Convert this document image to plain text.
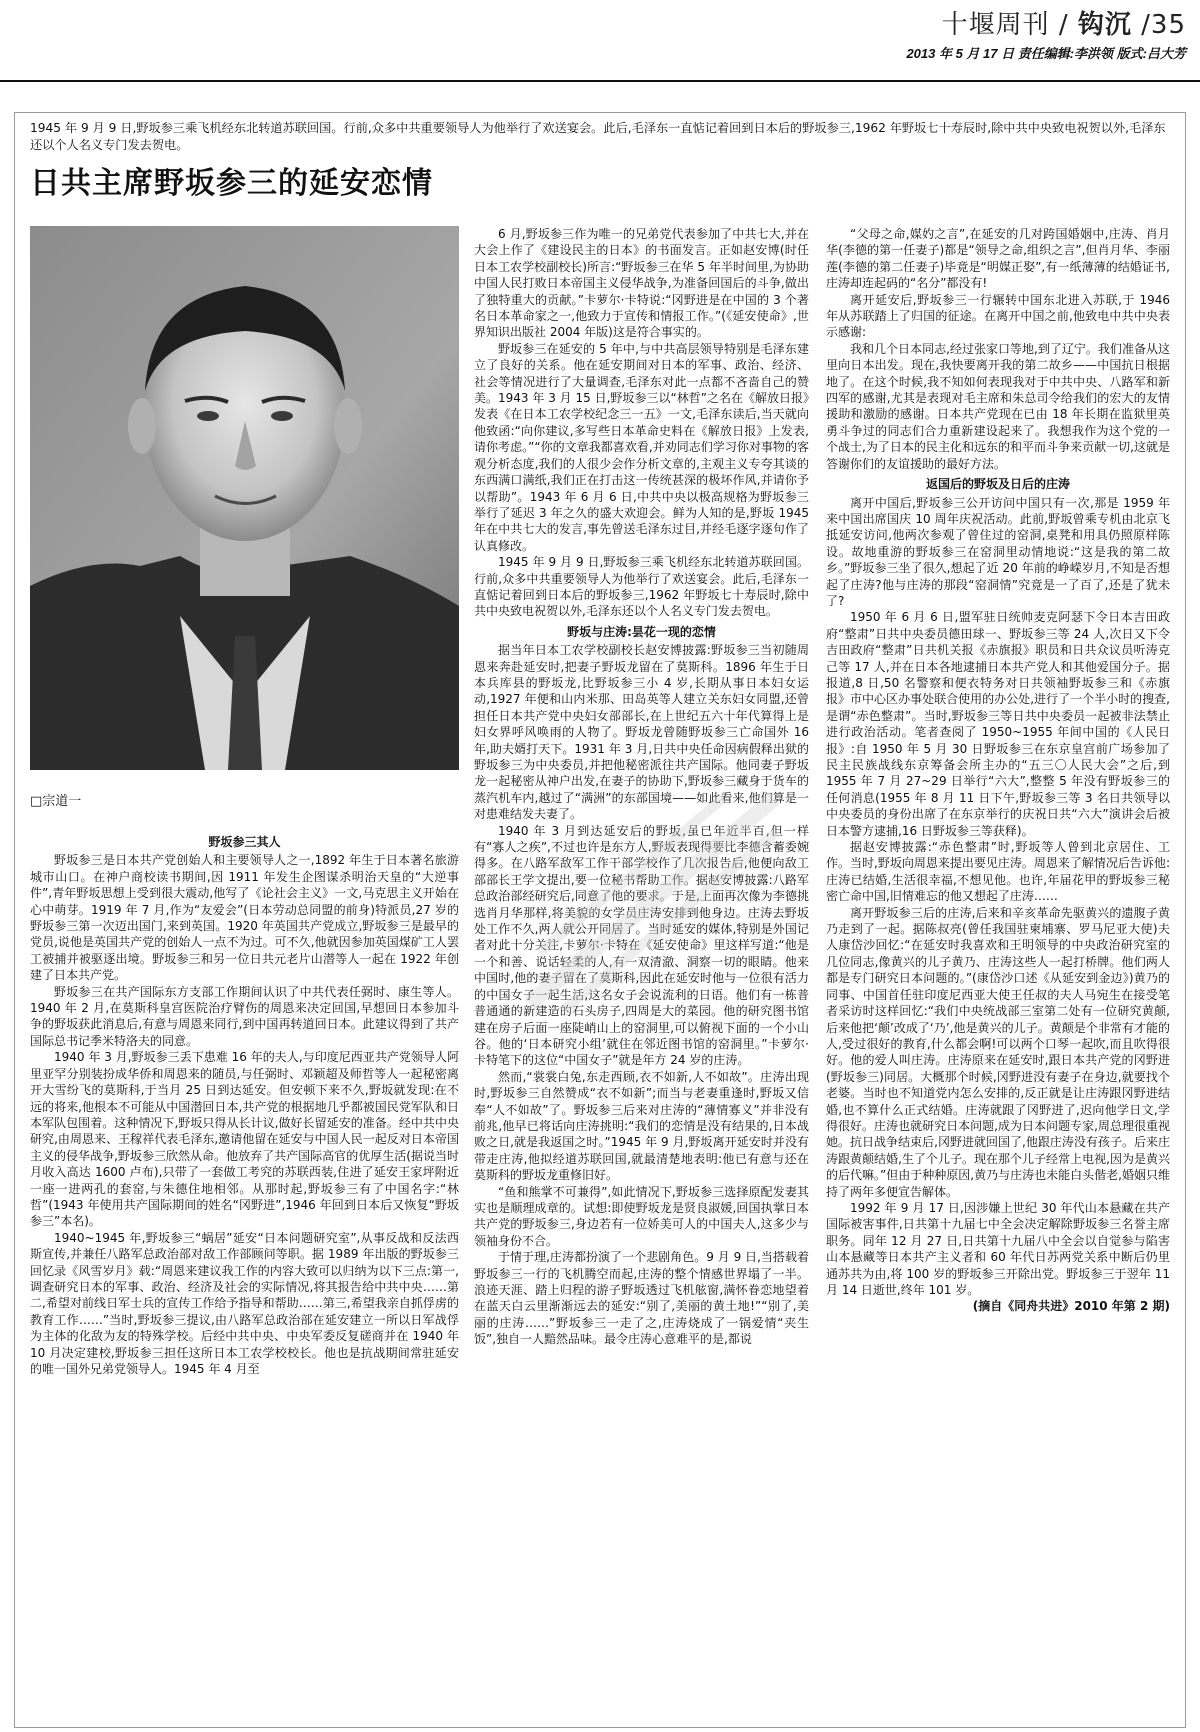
十堰周刊 / 钩沉 /35
2013 年 5 月 17 日 责任编辑:李洪领 版式:吕大芳
1945 年 9 月 9 日,野坂参三乘飞机经东北转道苏联回国。行前,众多中共重要领导人为他举行了欢送宴会。此后,毛泽东一直惦记着回到日本后的野坂参三,1962 年野坂七十寿辰时,除中共中央致电祝贺以外,毛泽东还以个人名义专门发去贺电。
日共主席野坂参三的延安恋情
□宗道一

野坂参三其人

野坂参三是日本共产党创始人和主要领导人之一,1892 年生于日本著名旅游城市山口。在神户商校读书期间,因 1911 年发生企图谋杀明治天皇的“大逆事件”,青年野坂思想上受到很大震动,他写了《论社会主义》一文,马克思主义开始在心中萌芽。1919 年 7 月,作为“友爱会”(日本劳动总同盟的前身)特派员,27 岁的野坂参三第一次迈出国门,来到英国。1920 年英国共产党成立,野坂参三是最早的党员,说他是英国共产党的创始人一点不为过。可不久,他就因参加英国煤矿工人罢工被捕并被驱逐出境。野坂参三和另一位日共元老片山潜等人一起在 1922 年创建了日本共产党。

野坂参三在共产国际东方支部工作期间认识了中共代表任弼时、康生等人。1940 年 2 月,在莫斯科皇宫医院治疗臂伤的周恩来决定回国,早想回日本参加斗争的野坂获此消息后,有意与周恩来同行,到中国再转道回日本。此建议得到了共产国际总书记季米特洛夫的同意。

1940 年 3 月,野坂参三丢下患难 16 年的夫人,与印度尼西亚共产党领导人阿里亚罕分别装扮成华侨和周恩来的随员,与任弼时、邓颖超及师哲等人一起秘密离开大雪纷飞的莫斯科,于当月 25 日到达延安。但安顿下来不久,野坂就发现:在不远的将来,他根本不可能从中国潜回日本,共产党的根据地几乎都被国民党军队和日本军队包围着。这种情况下,野坂只得从长计议,做好长留延安的准备。经中共中央研究,由周恩来、王稼祥代表毛泽东,邀请他留在延安与中国人民一起反对日本帝国主义的侵华战争,野坂参三欣然从命。他放弃了共产国际高官的优厚生活(据说当时月收入高达 1600 卢布),只带了一套做工考究的苏联西装,住进了延安王家坪附近一座一进两孔的套窑,与朱德住地相邻。从那时起,野坂参三有了中国名字:“林哲”(1943 年使用共产国际期间的姓名“冈野进”,1946 年回到日本后又恢复“野坂参三”本名)。

1940~1945 年,野坂参三“蜗居”延安“日本问题研究室”,从事反战和反法西斯宣传,并兼任八路军总政治部对敌工作部顾问等职。据 1989 年出版的野坂参三回忆录《风雪岁月》载:“周恩来建议我工作的内容大致可以归纳为以下三点:第一,调查研究日本的军事、政治、经济及社会的实际情况,将其报告给中共中央……第二,希望对前线日军士兵的宣传工作给予指导和帮助……第三,希望我亲自抓俘虏的教育工作……”当时,野坂参三提议,由八路军总政治部在延安建立一所以日军战俘为主体的化敌为友的特殊学校。后经中共中央、中央军委反复磋商并在 1940 年 10 月决定建校,野坂参三担任这所日本工农学校校长。他也是抗战期间常驻延安的唯一国外兄弟党领导人。1945 年 4 月至

6 月,野坂参三作为唯一的兄弟党代表参加了中共七大,并在大会上作了《建设民主的日本》的书面发言。正如赵安博(时任日本工农学校副校长)所言:“野坂参三在华 5 年半时间里,为协助中国人民打败日本帝国主义侵华战争,为准备回国后的斗争,做出了独特重大的贡献。”卡萝尔·卡特说:“冈野进是在中国的 3 个著名日本革命家之一,他致力于宣传和情报工作。”(《延安使命》,世界知识出版社 2004 年版)这是符合事实的。

野坂参三在延安的 5 年中,与中共高层领导特别是毛泽东建立了良好的关系。他在延安期间对日本的军事、政治、经济、社会等情况进行了大量调查,毛泽东对此一点都不吝啬自己的赞美。1943 年 3 月 15 日,野坂参三以“林哲”之名在《解放日报》发表《在日本工农学校纪念三一五》一文,毛泽东读后,当天就向他致函:“向你建议,多写些日本革命史料在《解放日报》上发表,请你考虑。”“你的文章我都喜欢看,并劝同志们学习你对事物的客观分析态度,我们的人很少会作分析文章的,主观主义专夸其谈的东西满口满纸,我们正在打击这一传统甚深的极坏作风,并请你予以帮助”。1943 年 6 月 6 日,中共中央以极高规格为野坂参三举行了延迟 3 年之久的盛大欢迎会。鲜为人知的是,野坂 1945 年在中共七大的发言,事先曾送毛泽东过目,并经毛逐字逐句作了认真修改。

1945 年 9 月 9 日,野坂参三乘飞机经东北转道苏联回国。行前,众多中共重要领导人为他举行了欢送宴会。此后,毛泽东一直惦记着回到日本后的野坂参三,1962 年野坂七十寿辰时,除中共中央致电祝贺以外,毛泽东还以个人名义专门发去贺电。

野坂与庄涛:昙花一现的恋情

据当年日本工农学校副校长赵安博披露:野坂参三当初随周恩来奔赴延安时,把妻子野坂龙留在了莫斯科。1896 年生于日本兵库县的野坂龙,比野坂参三小 4 岁,长期从事日本妇女运动,1927 年便和山内米那、田岛英等人建立关东妇女同盟,还曾担任日本共产党中央妇女部部长,在上世纪五六十年代算得上是妇女界呼风唤雨的人物了。野坂龙曾随野坂参三亡命国外 16 年,助夫婿打天下。1931 年 3 月,日共中央任命因病假释出狱的野坂参三为中央委员,并把他秘密派往共产国际。他同妻子野坂龙一起秘密从神户出发,在妻子的协助下,野坂参三藏身于货车的蒸汽机车内,越过了“满洲”的东部国境——如此看来,他们算是一对患难结发夫妻了。

1940 年 3 月到达延安后的野坂,虽已年近半百,但一样有“寡人之疾”,不过也许是东方人,野坂表现得要比李德含蓄委婉得多。在八路军敌军工作干部学校作了几次报告后,他便向敌工部部长王学文提出,要一位秘书帮助工作。据赵安博披露:八路军总政治部经研究后,同意了他的要求。于是,上面再次像为李德挑选肖月华那样,将美貌的女学员庄涛安排到他身边。庄涛去野坂处工作不久,两人就公开同居了。当时延安的媒体,特别是外国记者对此十分关注,卡萝尔·卡特在《延安使命》里这样写道:“他是一个和善、说话轻柔的人,有一双清澈、洞察一切的眼睛。他来中国时,他的妻子留在了莫斯科,因此在延安时他与一位很有活力的中国女子一起生活,这名女子会说流利的日语。他们有一栋普普通通的新建造的石头房子,四周是大的菜园。他的研究图书馆建在房子后面一座陡峭山上的窑洞里,可以俯视下面的一个小山谷。他的‘日本研究小组’就住在邻近图书馆的窑洞里。”卡萝尔·卡特笔下的这位“中国女子”就是年方 24 岁的庄涛。

然而,“裳裳白兔,东走西顾,衣不如新,人不如故”。庄涛出现时,野坂参三自然赞成“衣不如新”;而当与老妻重逢时,野坂又信奉“人不如故”了。野坂参三后来对庄涛的“薄情寡义”并非没有前兆,他早已将话向庄涛挑明:“我们的恋情是没有结果的,日本战败之日,就是我返国之时。”1945 年 9 月,野坂离开延安时并没有带走庄涛,他拟经道苏联回国,就最清楚地表明:他已有意与还在莫斯科的野坂龙重修旧好。

“鱼和熊掌不可兼得”,如此情况下,野坂参三选择原配发妻其实也是顺理成章的。试想:即使野坂龙是贤良淑媛,回国执掌日本共产党的野坂参三,身边若有一位娇美可人的中国夫人,这多少与领袖身份不合。

于情于理,庄涛都扮演了一个悲剧角色。9 月 9 日,当搭载着野坂参三一行的飞机腾空而起,庄涛的整个情感世界塌了一半。浪迹天涯、踏上归程的游子野坂透过飞机舷窗,满怀眷恋地望着在蓝天白云里渐渐远去的延安:“别了,美丽的黄土地!”“别了,美丽的庄涛……”野坂参三一走了之,庄涛烧成了一锅爱情“夹生饭”,独自一人黯然品味。最令庄涛心意难平的是,都说

“父母之命,媒妁之言”,在延安的几对跨国婚姻中,庄涛、肖月华(李德的第一任妻子)都是“领导之命,组织之言”,但肖月华、李丽莲(李德的第二任妻子)毕竟是“明媒正娶”,有一纸薄薄的结婚证书,庄涛却连起码的“名分”都没有!

离开延安后,野坂参三一行辗转中国东北进入苏联,于 1946 年从苏联踏上了归国的征途。在离开中国之前,他致电中共中央表示感谢:

我和几个日本同志,经过张家口等地,到了辽宁。我们准备从这里向日本出发。现在,我快要离开我的第二故乡——中国抗日根据地了。在这个时候,我不知如何表现我对于中共中央、八路军和新四军的感谢,尤其是表现对毛主席和朱总司令给我们的宏大的友情援助和激励的感谢。日本共产党现在已由 18 年长期在监狱里英勇斗争过的同志们合力重新建设起来了。我想我作为这个党的一个战士,为了日本的民主化和远东的和平而斗争来贡献一切,这就是答谢你们的友谊援助的最好方法。

返国后的野坂及日后的庄涛

离开中国后,野坂参三公开访问中国只有一次,那是 1959 年来中国出席国庆 10 周年庆祝活动。此前,野坂曾乘专机由北京飞抵延安访问,他两次参观了曾住过的窑洞,桌凳和用具仍照原样陈设。故地重游的野坂参三在窑洞里动情地说:“这是我的第二故乡。”野坂参三坐了很久,想起了近 20 年前的峥嵘岁月,不知是否想起了庄涛?他与庄涛的那段“窑洞情”究竟是一了百了,还是了犹未了?

1950 年 6 月 6 日,盟军驻日统帅麦克阿瑟下令日本吉田政府“整肃”日共中央委员德田球一、野坂参三等 24 人,次日又下令吉田政府“整肃”日共机关报《赤旗报》职员和日共众议员听涛克己等 17 人,并在日本各地逮捕日本共产党人和其他爱国分子。据报道,8 日,50 名警察和便衣特务对日共领袖野坂参三和《赤旗报》市中心区办事处联合使用的办公处,进行了一个半小时的搜查,是谓“赤色整肃”。当时,野坂参三等日共中央委员一起被非法禁止进行政治活动。笔者查阅了 1950~1955 年间中国的《人民日报》:自 1950 年 5 月 30 日野坂参三在东京皇宫前广场参加了民主民族战线东京筹备会所主办的“五三〇人民大会”之后,到 1955 年 7 月 27~29 日举行“六大”,整整 5 年没有野坂参三的任何消息(1955 年 8 月 11 日下午,野坂参三等 3 名日共领导以中央委员的身份出席了在东京举行的庆祝日共“六大”演讲会后被日本警方逮捕,16 日野坂参三等获释)。

据赵安博披露:“赤色整肃”时,野坂等人曾到北京居住、工作。当时,野坂向周恩来提出要见庄涛。周恩来了解情况后告诉他:庄涛已结婚,生活很幸福,不想见他。也许,年届花甲的野坂参三秘密亡命中国,旧情难忘的他又想起了庄涛……

离开野坂参三后的庄涛,后来和辛亥革命先驱黄兴的遗腹子黄乃走到了一起。据陈叔亮(曾任我国驻柬埔寨、罗马尼亚大使)夫人康岱沙回忆:“在延安时我喜欢和王明领导的中央政治研究室的几位同志,像黄兴的儿子黄乃、庄涛这些人一起打桥牌。他们两人都是专门研究日本问题的。”(康岱沙口述《从延安到金边》)黄乃的同事、中国首任驻印度尼西亚大使王任叔的夫人马宛生在接受笔者采访时这样回忆:“我们中央统战部三室第二处有一位研究黄颠,后来他把‘颠’改成了‘乃’,他是黄兴的儿子。黄颠是个非常有才能的人,受过很好的教育,什么都会啊!可以两个口琴一起吹,而且吹得很好。他的爱人叫庄涛。庄涛原来在延安时,跟日本共产党的冈野进(野坂参三)同居。大概那个时候,冈野进没有妻子在身边,就要找个老婆。当时也不知道党内怎么安排的,反正就是让庄涛跟冈野进结婚,也不算什么正式结婚。庄涛就跟了冈野进了,迟向他学日文,学得很好。庄涛也就研究日本问题,成为日本问题专家,周总理很重视她。抗日战争结束后,冈野进就回国了,他跟庄涛没有孩子。后来庄涛跟黄颠结婚,生了个儿子。现在那个儿子经常上电视,因为是黄兴的后代嘛。”但由于种种原因,黄乃与庄涛也未能白头偕老,婚姻只维持了两年多便宣告解体。

1992 年 9 月 17 日,因涉嫌上世纪 30 年代山本悬藏在共产国际被害事件,日共第十九届七中全会决定解除野坂参三名誉主席职务。同年 12 月 27 日,日共第十九届八中全会以自觉参与陷害山本悬藏等日本共产主义者和 60 年代日苏两党关系中断后仍里通苏共为由,将 100 岁的野坂参三开除出党。野坂参三于翌年 11 月 14 日逝世,终年 101 岁。

(摘自《同舟共进》2010 年第 2 期)
